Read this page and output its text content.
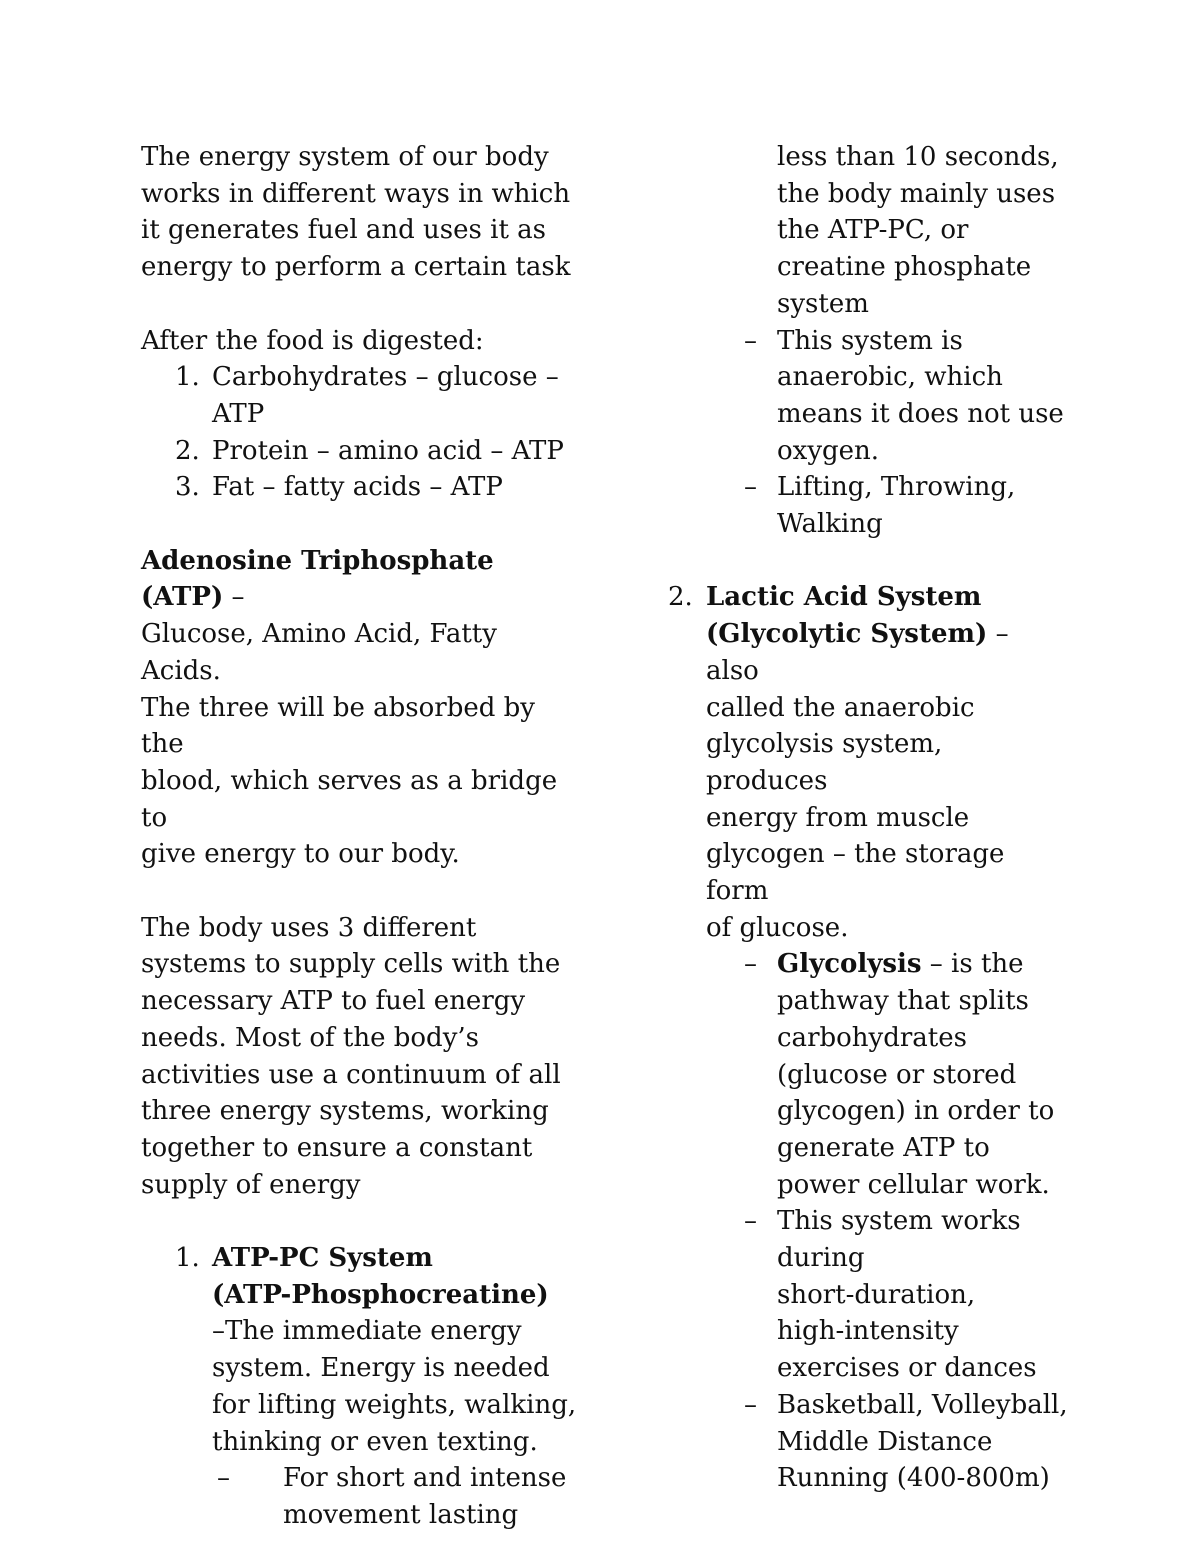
The energy system of our body

works in different ways in which

it generates fuel and uses it as

energy to perform a certain task

After the food is digested:

1. Carbohydrates – glucose –

ATP

2. Protein – amino acid – ATP

3. Fat – fatty acids – ATP

Adenosine Triphosphate (ATP) –

Glucose, Amino Acid, Fatty Acids.

The three will be absorbed by the

blood, which serves as a bridge to

give energy to our body.

The body uses 3 different

systems to supply cells with the

necessary ATP to fuel energy

needs. Most of the body’s

activities use a continuum of all

three energy systems, working

together to ensure a constant

supply of energy

1. ATP-PC System

(ATP-Phosphocreatine)

–The immediate energy

system. Energy is needed

for lifting weights, walking,

thinking or even texting.

– For short and intense

movement lasting

less than 10 seconds,

the body mainly uses

the ATP-PC, or

creatine phosphate

system

– This system is

anaerobic, which

means it does not use

oxygen.

– Lifting, Throwing,

Walking

2. Lactic Acid System

(Glycolytic System) – also

called the anaerobic

glycolysis system, produces

energy from muscle

glycogen – the storage form

of glucose.

– Glycolysis – is the

pathway that splits

carbohydrates

(glucose or stored

glycogen) in order to

generate ATP to

power cellular work.

– This system works

during

short-duration,

high-intensity

exercises or dances

– Basketball, Volleyball,

Middle Distance

Running (400-800m)
